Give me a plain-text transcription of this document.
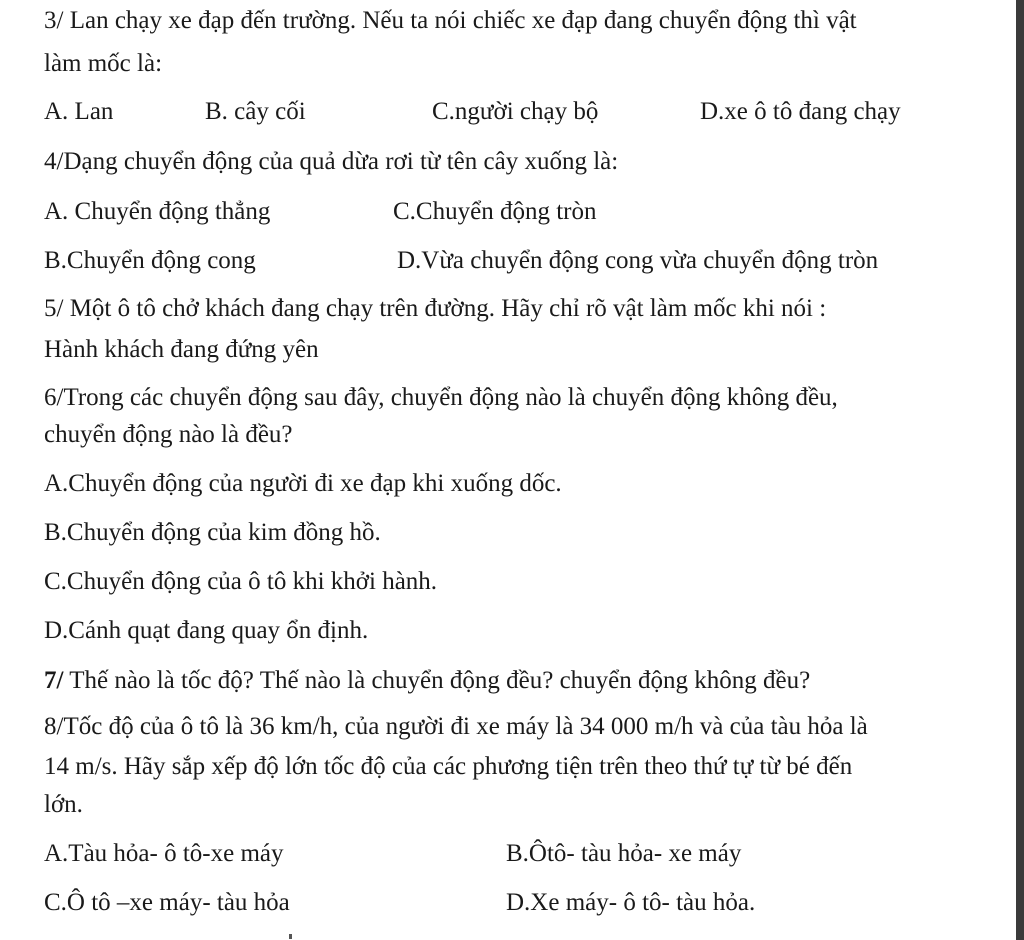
3/ Lan chạy xe đạp đến trường. Nếu ta nói chiếc xe đạp đang chuyển động thì vật
làm mốc là:
A. Lan	B. cây cối	C.người chạy bộ	D.xe ô tô đang chạy
4/Dạng chuyển động của quả dừa rơi từ tên cây xuống là:
A. Chuyển động thẳng	C.Chuyển động tròn
B.Chuyển động cong	D.Vừa chuyển động cong vừa chuyển động tròn
5/ Một ô tô chở khách đang chạy trên đường. Hãy chỉ rõ vật làm mốc khi nói :
Hành khách đang đứng yên
6/Trong các chuyển động sau đây, chuyển động nào là chuyển động không đều,
chuyển động nào là đều?
A.Chuyển động của người đi xe đạp khi xuống dốc.
B.Chuyển động của kim đồng hồ.
C.Chuyển động của ô tô khi khởi hành.
D.Cánh quạt đang quay ổn định.
7/ Thế nào là tốc độ? Thế nào là chuyển động đều? chuyển động không đều?
8/Tốc độ của ô tô là 36 km/h, của người đi xe máy là 34 000 m/h và của tàu hỏa là
14 m/s. Hãy sắp xếp độ lớn tốc độ của các phương tiện trên theo thứ tự từ bé đến
lớn.
A.Tàu hỏa- ô tô-xe máy	B.Ôtô- tàu hỏa- xe máy
C.Ô tô –xe máy- tàu hỏa	D.Xe máy- ô tô- tàu hỏa.
